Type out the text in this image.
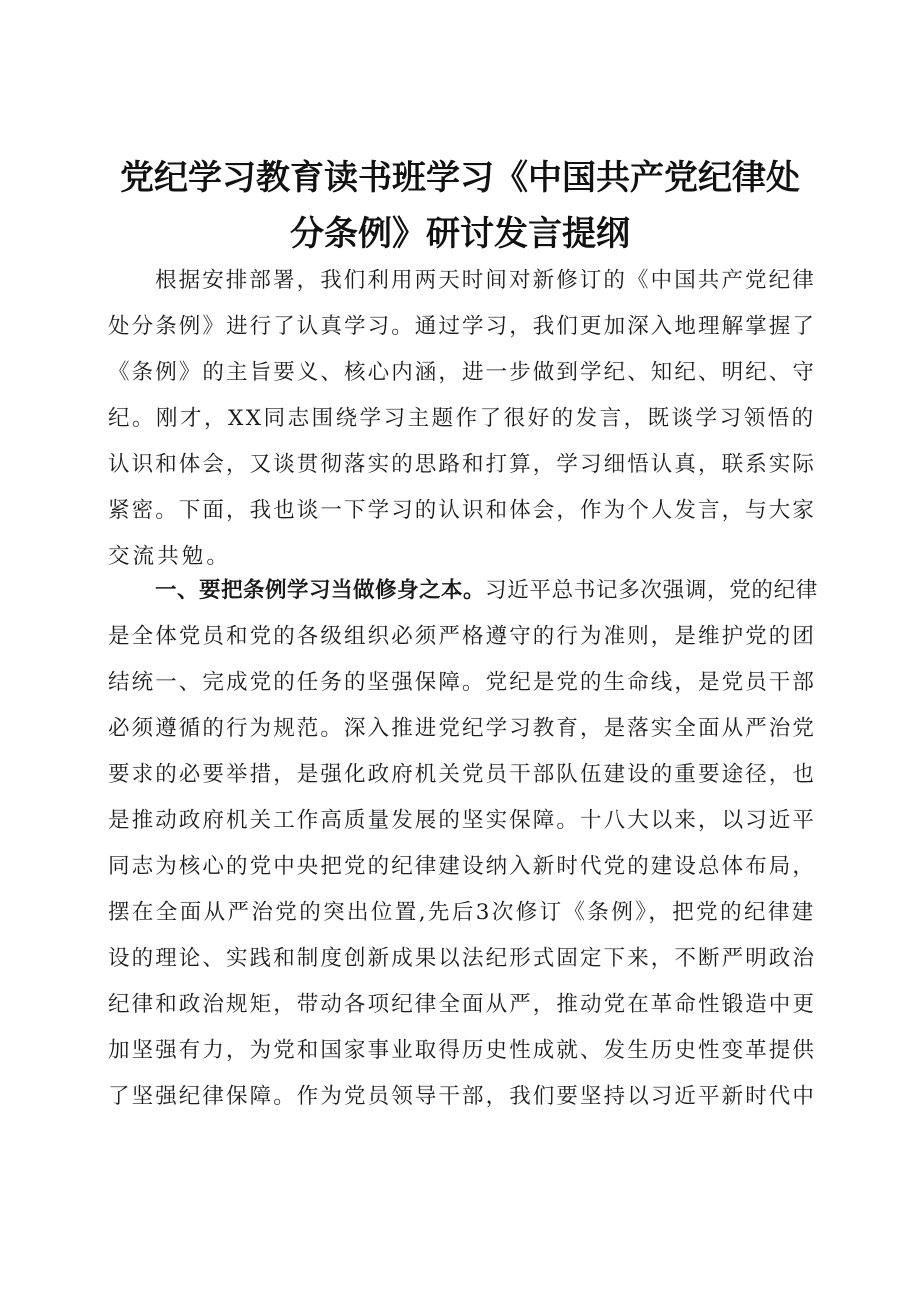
党纪学习教育读书班学习《中国共产党纪律处
分条例》研讨发言提纲
根据安排部署，我们利用两天时间对新修订的《中国共产党纪律
处分条例》进行了认真学习。通过学习，我们更加深入地理解掌握了
《条例》的主旨要义、核心内涵，进一步做到学纪、知纪、明纪、守
纪。刚才，XX同志围绕学习主题作了很好的发言，既谈学习领悟的
认识和体会，又谈贯彻落实的思路和打算，学习细悟认真，联系实际
紧密。下面，我也谈一下学习的认识和体会，作为个人发言，与大家
交流共勉。
一、要把条例学习当做修身之本。习近平总书记多次强调，党的纪律
是全体党员和党的各级组织必须严格遵守的行为准则，是维护党的团
结统一、完成党的任务的坚强保障。党纪是党的生命线，是党员干部
必须遵循的行为规范。深入推进党纪学习教育，是落实全面从严治党
要求的必要举措，是强化政府机关党员干部队伍建设的重要途径，也
是推动政府机关工作高质量发展的坚实保障。十八大以来，以习近平
同志为核心的党中央把党的纪律建设纳入新时代党的建设总体布局，
摆在全面从严治党的突出位置,先后3次修订《条例》，把党的纪律建
设的理论、实践和制度创新成果以法纪形式固定下来，不断严明政治
纪律和政治规矩，带动各项纪律全面从严，推动党在革命性锻造中更
加坚强有力，为党和国家事业取得历史性成就、发生历史性变革提供
了坚强纪律保障。作为党员领导干部，我们要坚持以习近平新时代中
